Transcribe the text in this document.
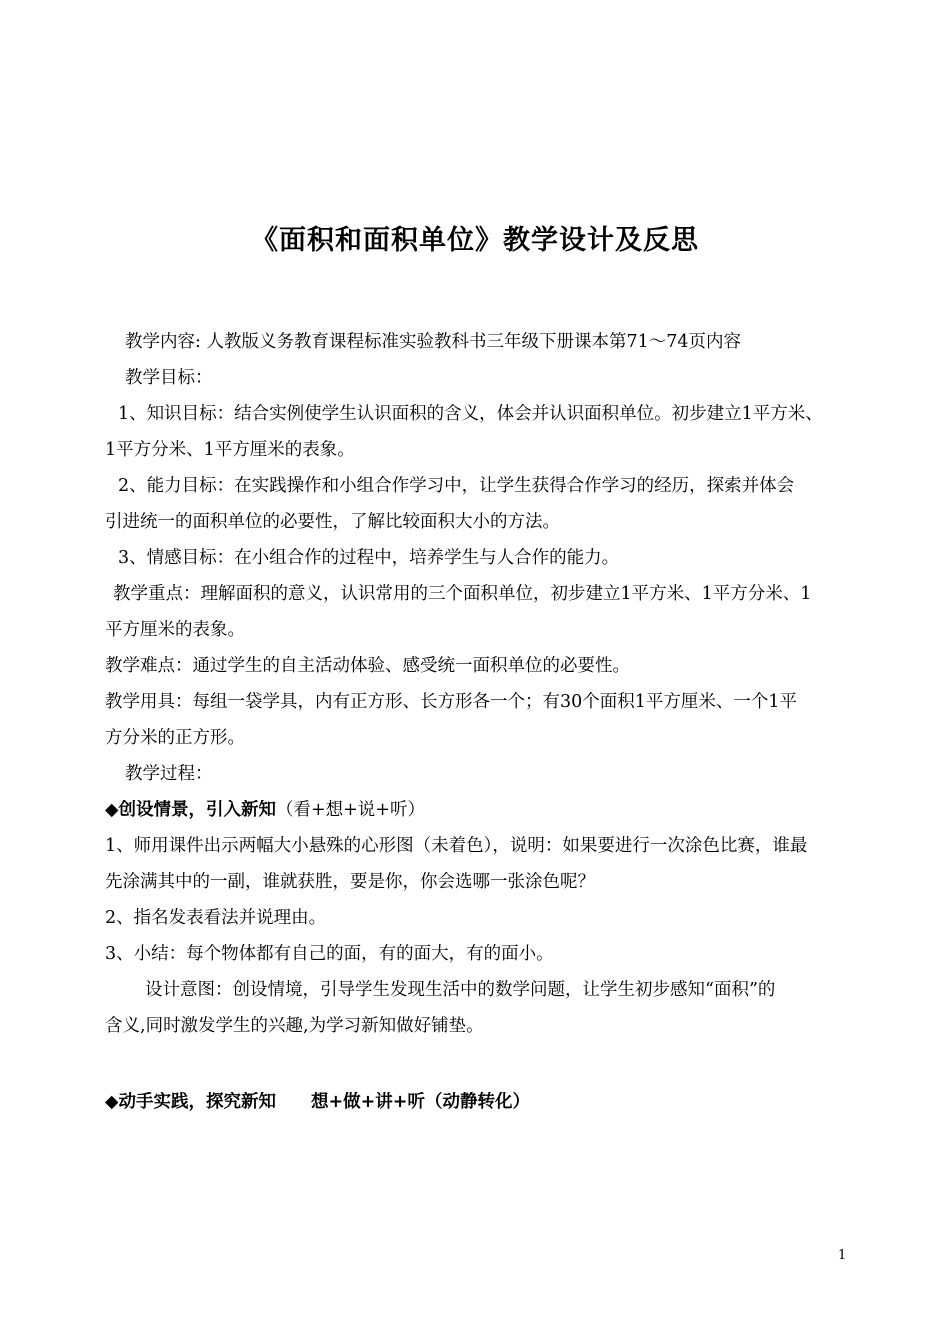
《面积和面积单位》教学设计及反思
教学内容: 人教版义务教育课程标准实验教科书三年级下册课本第71～74页内容
教学目标：
1、知识目标：结合实例使学生认识面积的含义，体会并认识面积单位。初步建立1平方米、
1平方分米、1平方厘米的表象。
2、能力目标：在实践操作和小组合作学习中，让学生获得合作学习的经历，探索并体会
引进统一的面积单位的必要性，了解比较面积大小的方法。
3、情感目标：在小组合作的过程中，培养学生与人合作的能力。
教学重点：理解面积的意义，认识常用的三个面积单位，初步建立1平方米、1平方分米、1
平方厘米的表象。
教学难点：通过学生的自主活动体验、感受统一面积单位的必要性。
教学用具：每组一袋学具，内有正方形、长方形各一个；有30个面积1平方厘米、一个1平
方分米的正方形。
教学过程：
◆创设情景，引入新知（看+想+说+听）
1、师用课件出示两幅大小悬殊的心形图（未着色），说明：如果要进行一次涂色比赛，谁最
先涂满其中的一副，谁就获胜，要是你，你会选哪一张涂色呢？
2、指名发表看法并说理由。
3、小结：每个物体都有自己的面，有的面大，有的面小。
设计意图：创设情境，引导学生发现生活中的数学问题，让学生初步感知“面积”的
含义,同时激发学生的兴趣,为学习新知做好铺垫。
◆动手实践，探究新知　　想+做+讲+听（动静转化）
1
